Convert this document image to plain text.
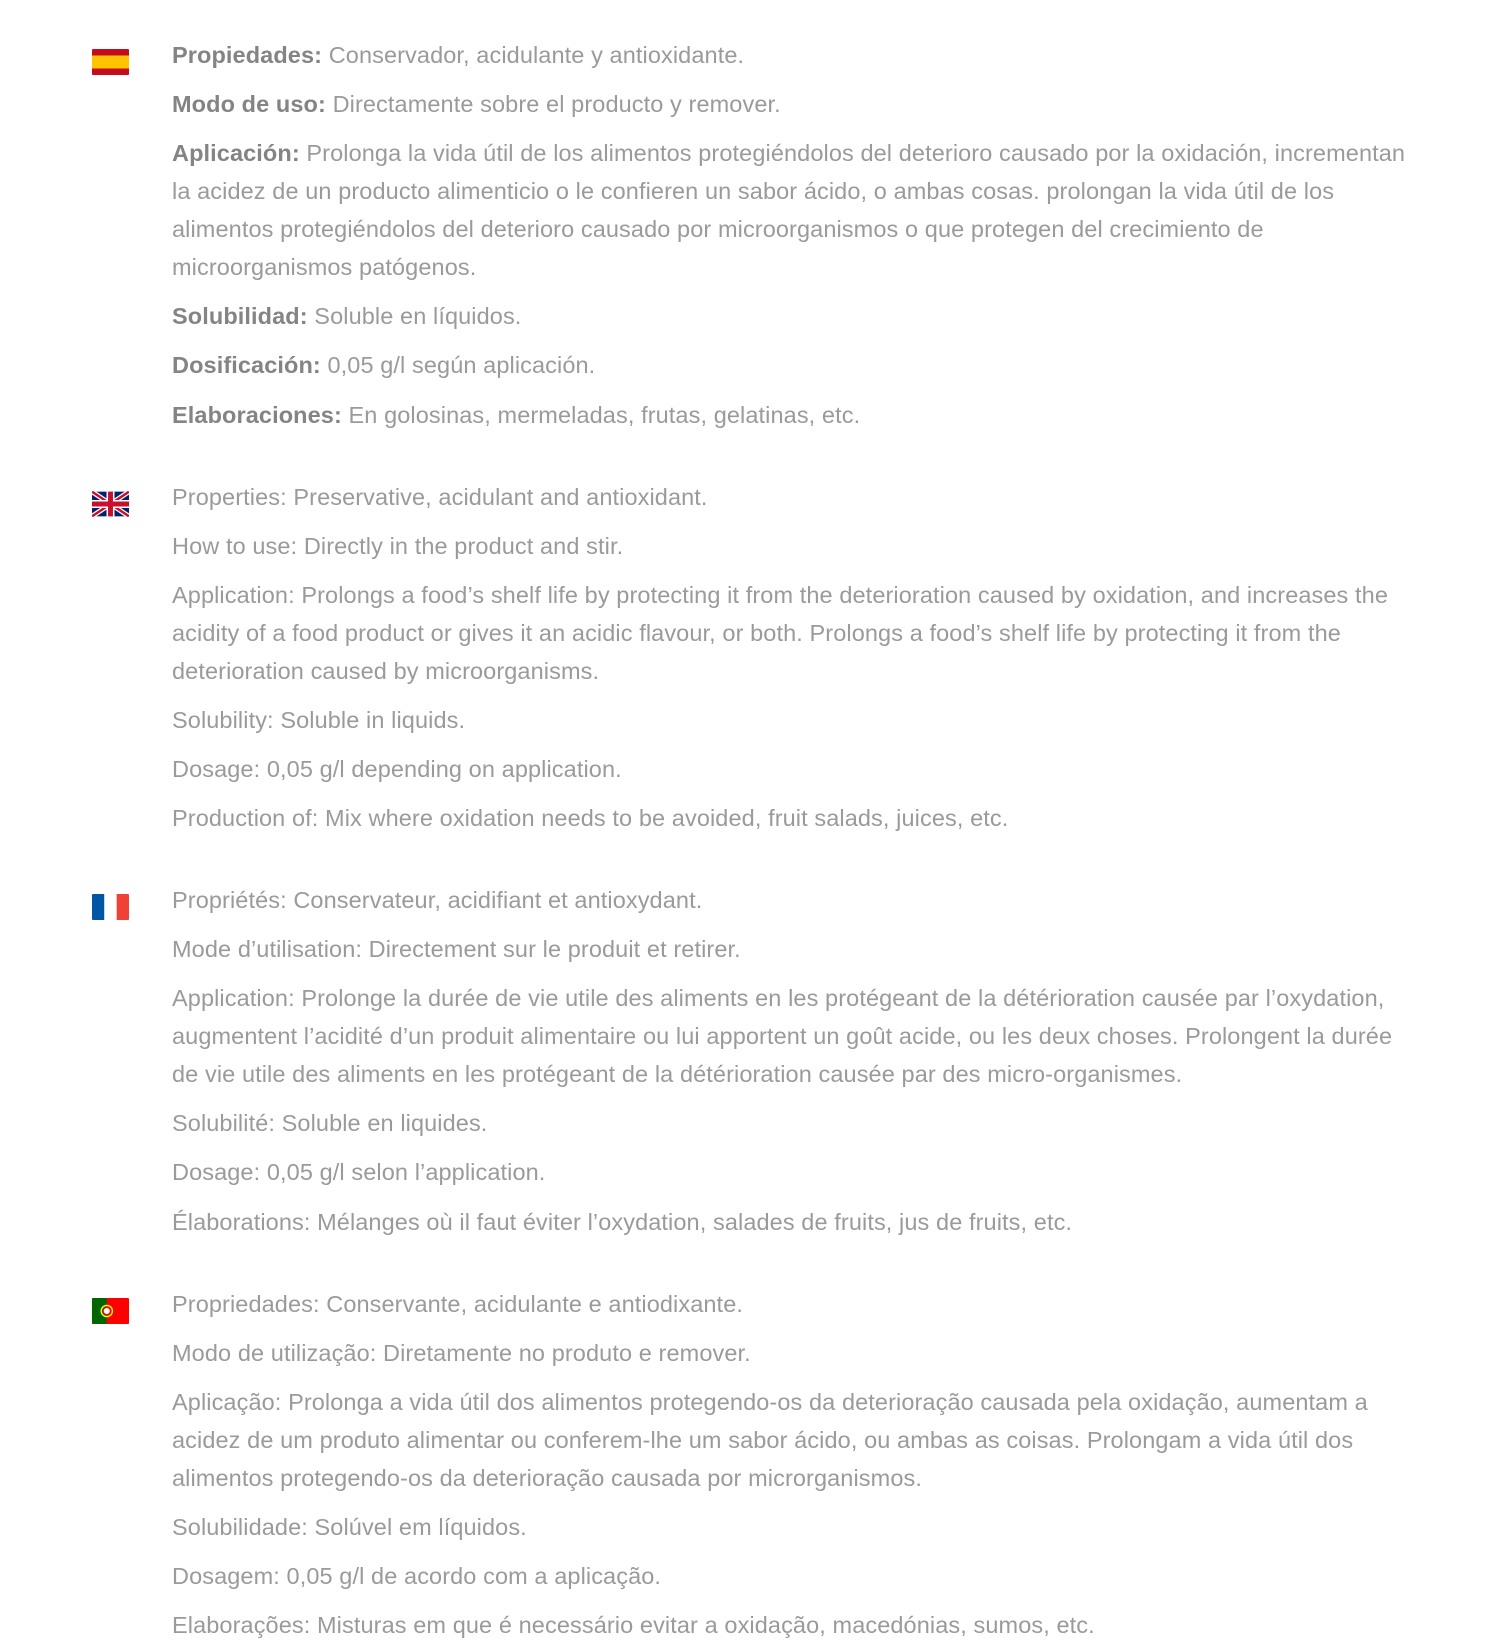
Propiedades: Conservador, acidulante y antioxidante.
Modo de uso: Directamente sobre el producto y remover.
Aplicación: Prolonga la vida útil de los alimentos protegiéndolos del deterioro causado por la oxidación, incrementan la acidez de un producto alimenticio o le confieren un sabor ácido, o ambas cosas. prolongan la vida útil de los alimentos protegiéndolos del deterioro causado por microorganismos o que protegen del crecimiento de microorganismos patógenos.
Solubilidad: Soluble en líquidos.
Dosificación: 0,05 g/l según aplicación.
Elaboraciones: En golosinas, mermeladas, frutas, gelatinas, etc.
Properties: Preservative, acidulant and antioxidant.
How to use: Directly in the product and stir.
Application: Prolongs a food’s shelf life by protecting it from the deterioration caused by oxidation, and increases the acidity of a food product or gives it an acidic flavour, or both. Prolongs a food’s shelf life by protecting it from the deterioration caused by microorganisms.
Solubility: Soluble in liquids.
Dosage: 0,05 g/l depending on application.
Production of: Mix where oxidation needs to be avoided, fruit salads, juices, etc.
Propriétés: Conservateur, acidifiant et antioxydant.
Mode d’utilisation: Directement sur le produit et retirer.
Application: Prolonge la durée de vie utile des aliments en les protégeant de la détérioration causée par l’oxydation, augmentent l’acidité d’un produit alimentaire ou lui apportent un goût acide, ou les deux choses. Prolongent la durée de vie utile des aliments en les protégeant de la détérioration causée par des micro-organismes.
Solubilité: Soluble en liquides.
Dosage: 0,05 g/l selon l’application.
Élaborations: Mélanges où il faut éviter l’oxydation, salades de fruits, jus de fruits, etc.
Propriedades: Conservante, acidulante e antiodixante.
Modo de utilização: Diretamente no produto e remover.
Aplicação: Prolonga a vida útil dos alimentos protegendo-os da deterioração causada pela oxidação, aumentam a acidez de um produto alimentar ou conferem-lhe um sabor ácido, ou ambas as coisas. Prolongam a vida útil dos alimentos protegendo-os da deterioração causada por microrganismos.
Solubilidade: Solúvel em líquidos.
Dosagem: 0,05 g/l de acordo com a aplicação.
Elaborações: Misturas em que é necessário evitar a oxidação, macedónias, sumos, etc.
